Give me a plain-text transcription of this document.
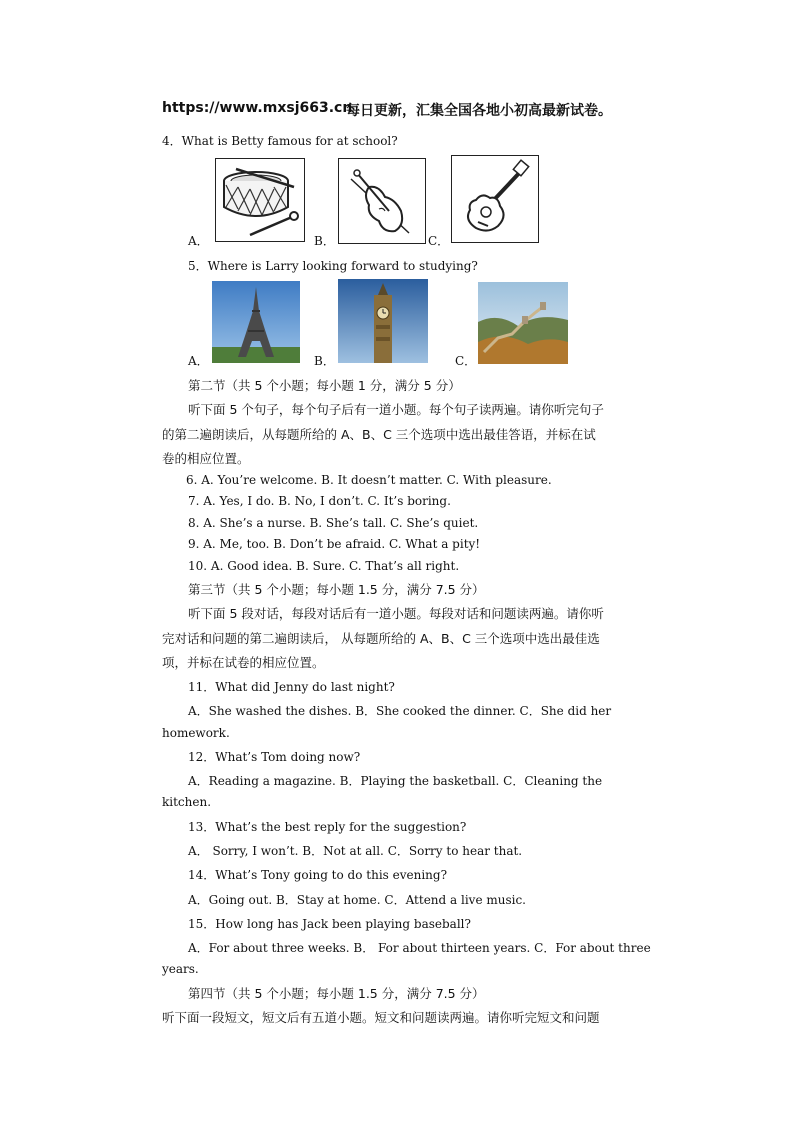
https://www.mxsj663.cn
每日更新，汇集全国各地小初高最新试卷。
4．What is Betty famous for at school?
A．	B．	C．
5．Where is Larry looking forward to studying?
A．	B．	C．
第二节（共 5 个小题；每小题 1 分，满分 5 分）
听下面 5 个句子，每个句子后有一道小题。每个句子读两遍。请你听完句子
的第二遍朗读后，从每题所给的 A、B、C 三个选项中选出最佳答语，并标在试
卷的相应位置。
6. A. You’re welcome. B. It doesn’t matter. C. With pleasure.
7. A. Yes, I do. B. No, I don’t. C. It’s boring.
8. A. She’s a nurse. B. She’s tall. C. She’s quiet.
9. A. Me, too. B. Don’t be afraid. C. What a pity!
10. A. Good idea. B. Sure. C. That’s all right.
第三节（共 5 个小题；每小题 1.5 分，满分 7.5 分）
听下面 5 段对话，每段对话后有一道小题。每段对话和问题读两遍。请你听
完对话和问题的第二遍朗读后， 从每题所给的 A、B、C 三个选项中选出最佳选
项，并标在试卷的相应位置。
11．What did Jenny do last night?
A．She washed the dishes. B．She cooked the dinner. C．She did her
homework.
12．What’s Tom doing now?
A．Reading a magazine. B．Playing the basketball. C．Cleaning the
kitchen.
13．What’s the best reply for the suggestion?
A． Sorry, I won’t. B．Not at all. C．Sorry to hear that.
14．What’s Tony going to do this evening?
A．Going out. B．Stay at home. C．Attend a live music.
15．How long has Jack been playing baseball?
A．For about three weeks. B． For about thirteen years. C．For about three
years.
第四节（共 5 个小题；每小题 1.5 分，满分 7.5 分）
听下面一段短文，短文后有五道小题。短文和问题读两遍。请你听完短文和问题
